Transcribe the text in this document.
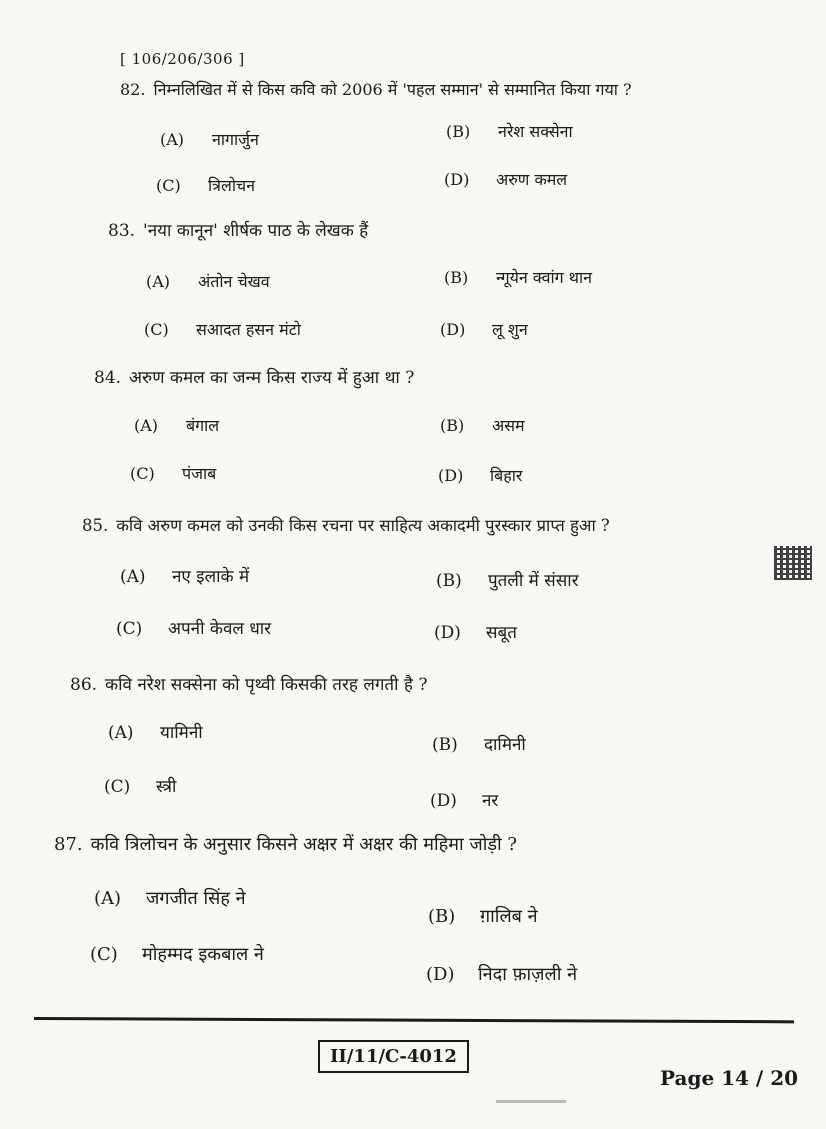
[ 106/206/306 ]
82. निम्नलिखित में से किस कवि को 2006 में 'पहल सम्मान' से सम्मानित किया गया ?
(A) नागार्जुन	(B) नरेश सक्सेना
(C) त्रिलोचन	(D) अरुण कमल
83. 'नया कानून' शीर्षक पाठ के लेखक हैं
(A) अंतोन चेखव	(B) न्गूयेन क्वांग थान
(C) सआदत हसन मंटो	(D) लू शुन
84. अरुण कमल का जन्म किस राज्य में हुआ था ?
(A) बंगाल	(B) असम
(C) पंजाब	(D) बिहार
85. कवि अरुण कमल को उनकी किस रचना पर साहित्य अकादमी पुरस्कार प्राप्त हुआ ?
(A) नए इलाके में	(B) पुतली में संसार
(C) अपनी केवल धार	(D) सबूत
86. कवि नरेश सक्सेना को पृथ्वी किसकी तरह लगती है ?
(A) यामिनी
(B) दामिनी
(C) स्त्री
(D) नर
87. कवि त्रिलोचन के अनुसार किसने अक्षर में अक्षर की महिमा जोड़ी ?
(A) जगजीत सिंह ने
(B) ग़ालिब ने
(C) मोहम्मद इकबाल ने
(D) निदा फ़ाज़ली ने
II/11/C-4012
Page 14 / 20
